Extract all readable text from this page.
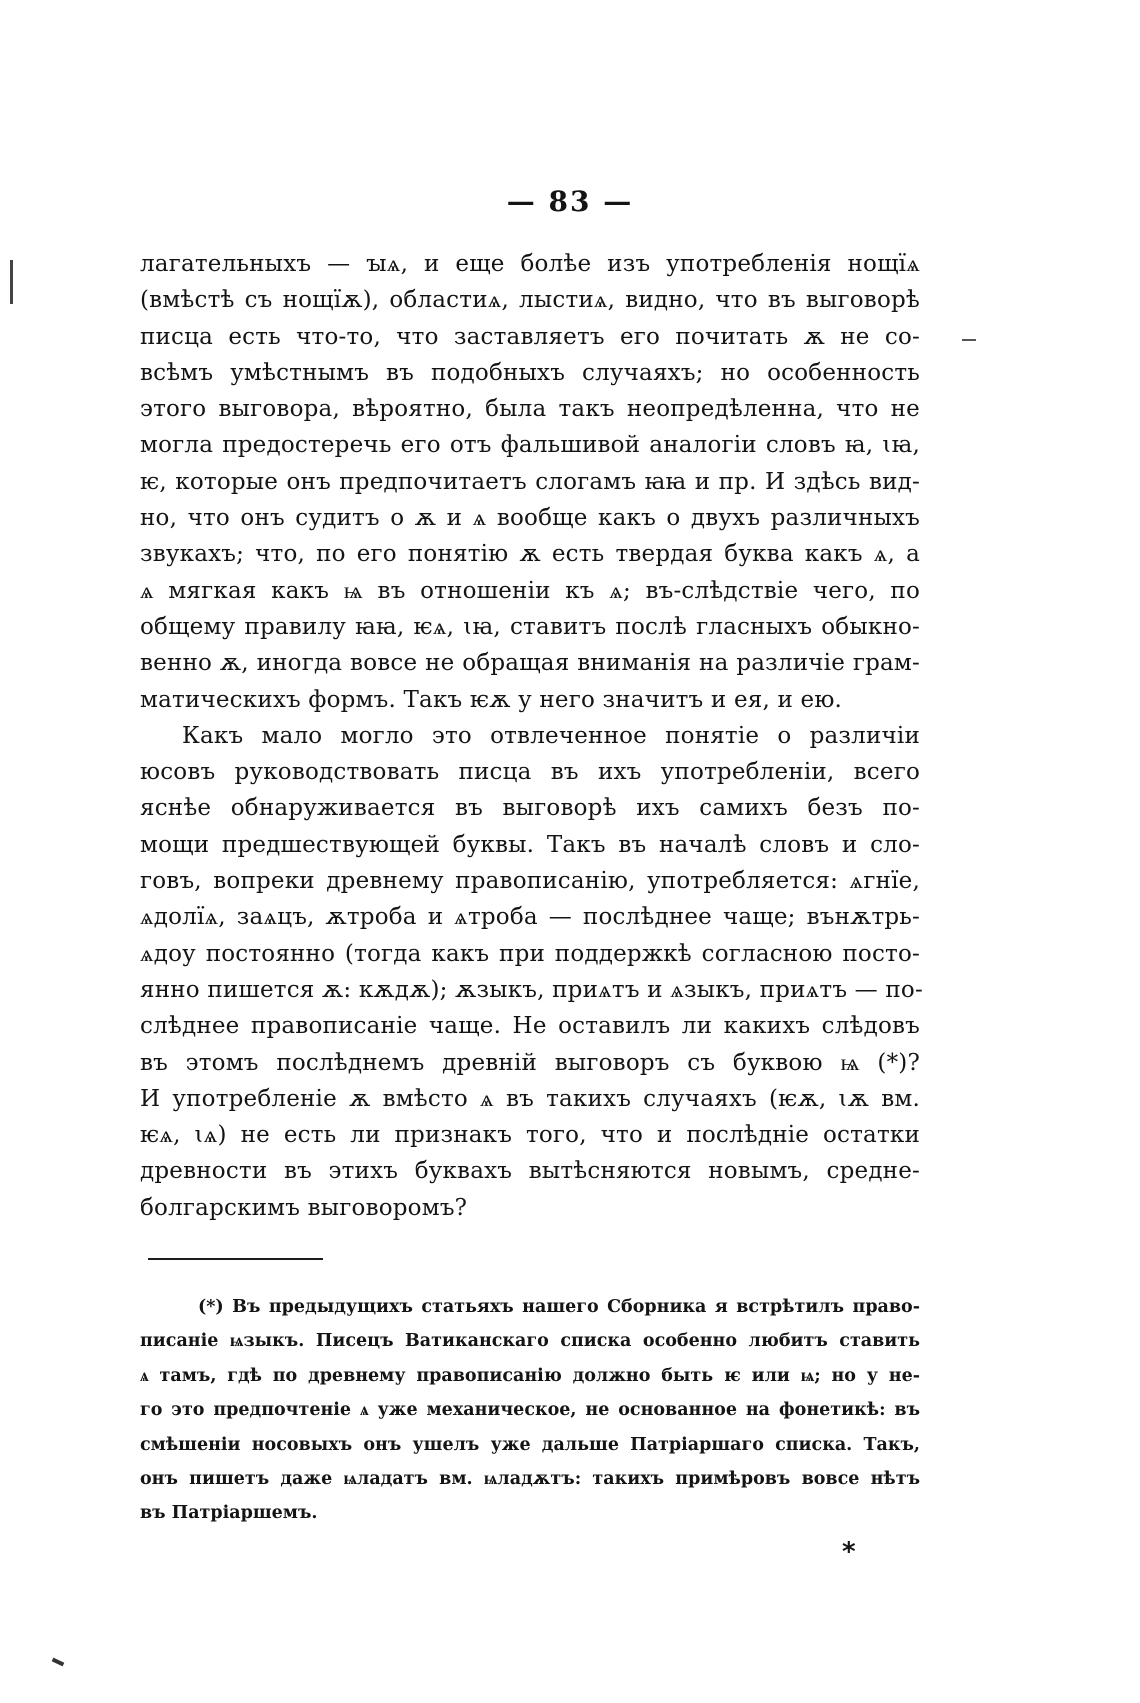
— 83 —
лагательныхъ — ꙑѧ, и еще болѣе изъ употребленія нощїѧ
(вмѣстѣ съ нощїѫ), областиѧ, лыстиѧ, видно, что въ выговорѣ
писца есть что-то, что заставляетъ его почитать ѫ не со-
всѣмъ умѣстнымъ въ подобныхъ случаяхъ; но особенность
этого выговора, вѣроятно, была такъ неопредѣленна, что не
могла предостеречь его отъ фальшивой аналогіи словъ ꙗ, ꙇꙗ,
ѥ, которые онъ предпочитаетъ слогамъ ꙗꙗ и пр. И здѣсь вид-
но, что онъ судитъ о ѫ и ѧ вообще какъ о двухъ различныхъ
звукахъ; что, по его понятію ѫ есть твердая буква какъ ѧ, а
ѧ мягкая какъ ѩ въ отношеніи къ ѧ; въ-слѣдствіе чего, по
общему правилу ꙗꙗ, ѥѧ, ꙇꙗ, ставитъ послѣ гласныхъ обыкно-
венно ѫ, иногда вовсе не обращая вниманія на различіе грам-
матическихъ формъ. Такъ ѥѫ у него значитъ и ея, и ею.
Какъ мало могло это отвлеченное понятіе о различіи
юсовъ руководствовать писца въ ихъ употребленіи, всего
яснѣе обнаруживается въ выговорѣ ихъ самихъ безъ по-
мощи предшествующей буквы. Такъ въ началѣ словъ и сло-
говъ, вопреки древнему правописанію, употребляется: ѧгнїе,
ѧдолїѧ, заѧцъ, ѫтроба и ѧтроба — послѣднее чаще; вънѫтрь-
ѧдоу постоянно (тогда какъ при поддержкѣ согласною посто-
янно пишется ѫ: кѫдѫ); ѫзыкъ, приѧтъ и ѧзыкъ, приѧтъ — по-
слѣднее правописаніе чаще. Не оставилъ ли какихъ слѣдовъ
въ этомъ послѣднемъ древній выговоръ съ буквою ѩ (*)?
И употребленіе ѫ вмѣсто ѧ въ такихъ случаяхъ (ѥѫ, ꙇѫ вм.
ѥѧ, ꙇѧ) не есть ли признакъ того, что и послѣдніе остатки
древности въ этихъ буквахъ вытѣсняются новымъ, средне-
болгарскимъ выговоромъ?
(*) Въ предыдущихъ статьяхъ нашего Сборника я встрѣтилъ право-
писаніе ѩзыкъ. Писецъ Ватиканскаго списка особенно любитъ ставить
ѧ тамъ, гдѣ по древнему правописанію должно быть ѥ или ѩ; но у не-
го это предпочтеніе ѧ уже механическое, не основанное на фонетикѣ: въ
смѣшеніи носовыхъ онъ ушелъ уже дальше Патріаршаго списка. Такъ,
онъ пишетъ даже ѩладатъ вм. ѩладѫтъ: такихъ примѣровъ вовсе нѣтъ
въ Патріаршемъ.
*
